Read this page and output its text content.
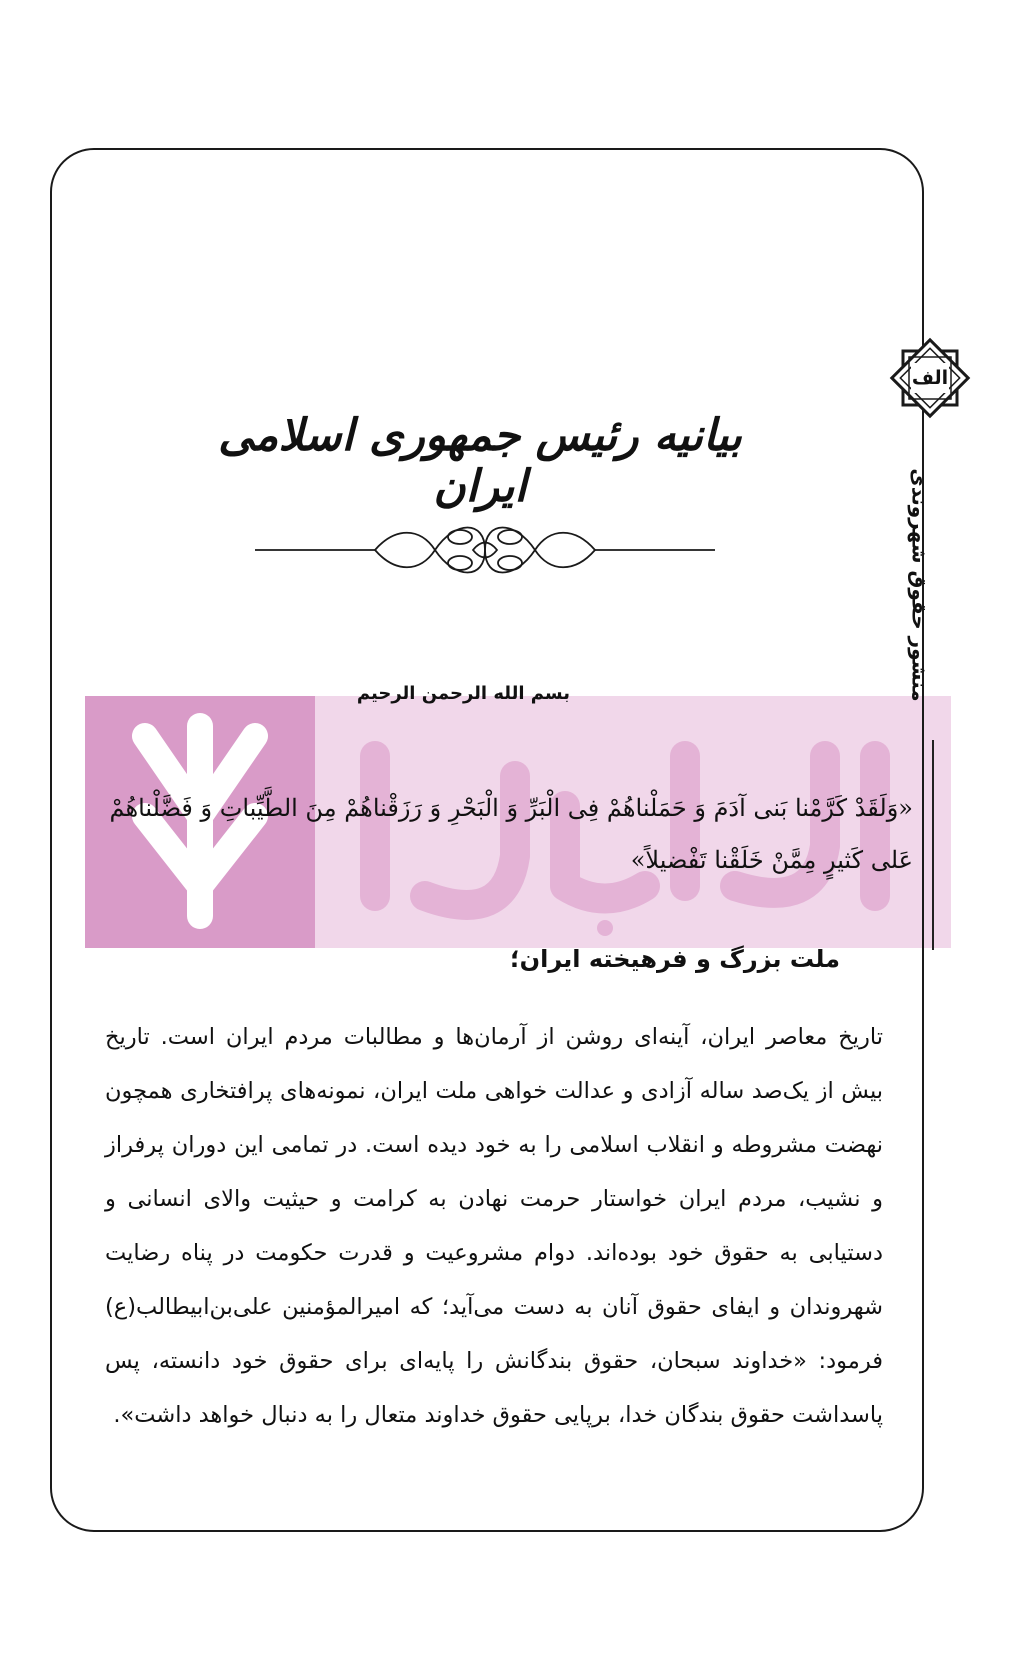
الف
منشور حقوق شهروندی
بیانیه رئیس جمهوری اسلامی ایران
بسم الله الرحمن الرحیم
«وَلَقَدْ کَرَّمْنا بَنی آدَمَ وَ حَمَلْناهُمْ فِی الْبَرِّ وَ الْبَحْرِ وَ رَزَقْناهُمْ مِنَ الطَّیِّباتِ وَ فَضَّلْناهُمْ عَلی کَثیرٍ مِمَّنْ خَلَقْنا تَفْضیلاً»
ملت بزرگ و فرهیخته ایران؛
تاریخ معاصر ایران، آینه‌ای روشن از آرمان‌ها و مطالبات مردم ایران است. تاریخ بیش از یک‌صد ساله آزادی و عدالت خواهی ملت ایران، نمونه‌های پرافتخاری همچون نهضت مشروطه و انقلاب اسلامی را به خود دیده است. در تمامی این دوران پرفراز و نشیب، مردم ایران خواستار حرمت نهادن به کرامت و حیثیت والای انسانی و دستیابی به حقوق خود بوده‌اند. دوام مشروعیت و قدرت حکومت در پناه رضایت شهروندان و ایفای حقوق آنان به دست می‌آید؛ که امیرالمؤمنین علی‌بن‌ابیطالب(ع) فرمود: «خداوند سبحان، حقوق بندگانش را پایه‌ای برای حقوق خود دانسته، پس پاسداشت حقوق بندگان خدا، برپایی حقوق خداوند متعال را به دنبال خواهد داشت».
